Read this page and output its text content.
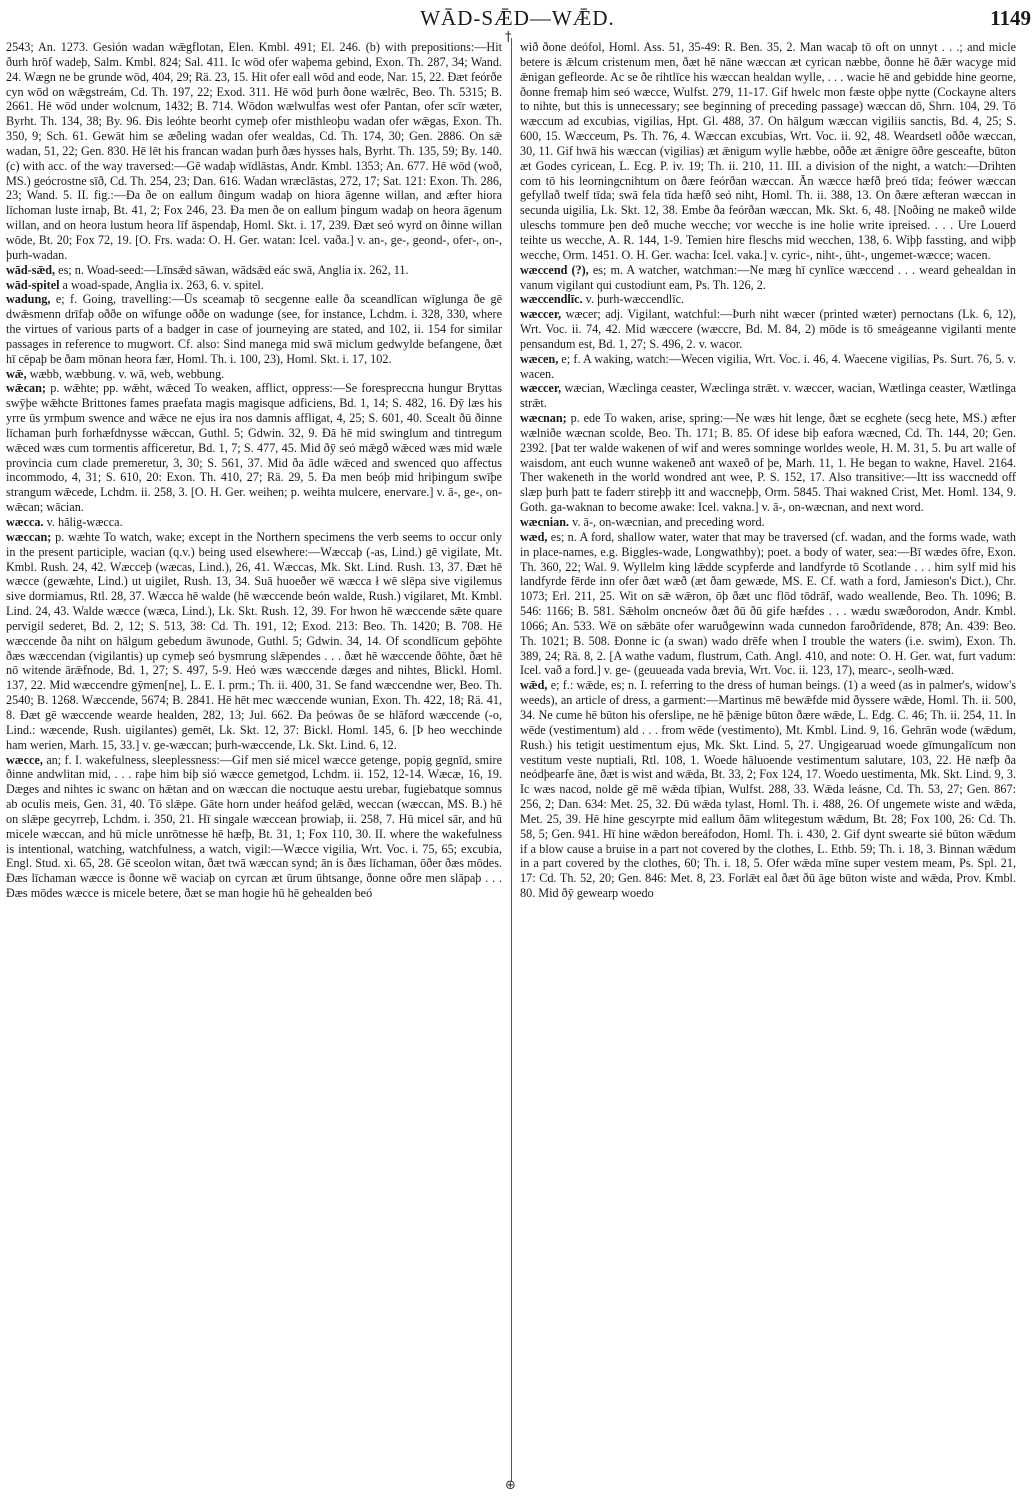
WĀD-SǢD—WǢD.	1149
†
⊕

2543; An. 1273. Gesión wadan wǣgflotan, Elen. Kmbl. 491; El. 246. (b) with prepositions:—Hit ðurh hrōf wadeþ, Salm. Kmbl. 824; Sal. 411. Ic wōd ofer waþema gebind, Exon. Th. 287, 34; Wand. 24. Wægn ne be grunde wōd, 404, 29; Rä. 23, 15. Hit ofer eall wōd and eode, Nar. 15, 22. Ðæt feórðe cyn wōd on wǣgstreám, Cd. Th. 197, 22; Exod. 311. Hē wōd þurh ðone wælrēc, Beo. Th. 5315; B. 2661. Hē wōd under wolcnum, 1432; B. 714. Wōdon wælwulfas west ofer Pantan, ofer scīr wæter, Byrht. Th. 134, 38; By. 96. Ðis leóhte beorht cymeþ ofer misthleoþu wadan ofer wǣgas, Exon. Th. 350, 9; Sch. 61. Gewāt him se æðeling wadan ofer wealdas, Cd. Th. 174, 30; Gen. 2886. On sǣ wadan, 51, 22; Gen. 830. Hē lēt his francan wadan þurh ðæs hysses hals, Byrht. Th. 135, 59; By. 140. (c) with acc. of the way traversed:—Gē wadaþ wīdlāstas, Andr. Kmbl. 1353; An. 677. Hē wōd (woð, MS.) geócrostne sīð, Cd. Th. 254, 23; Dan. 616. Wadan wræclāstas, 272, 17; Sat. 121: Exon. Th. 286, 23; Wand. 5. II. fig.:—Ða ðe on eallum ðingum wadaþ on hiora āgenne willan, and æfter hiora līchoman luste irnaþ, Bt. 41, 2; Fox 246, 23. Ða men ðe on eallum þingum wadaþ on heora āgenum willan, and on heora lustum heora līf āspendaþ, Homl. Skt. i. 17, 239. Ðæt seó wyrd on ðinne willan wōde, Bt. 20; Fox 72, 19. [O. Frs. wada: O. H. Ger. watan: Icel. vaða.] v. an-, ge-, geond-, ofer-, on-, þurh-wadan.

wād-sǣd, es; n. Woad-seed:—Līnsǣd sāwan, wādsǣd eác swā, Anglia ix. 262, 11.

wād-spitel a woad-spade, Anglia ix. 263, 6. v. spitel.

wadung, e; f. Going, travelling:—Ūs sceamaþ tō secgenne ealle ða sceandlīcan wīglunga ðe gē dwǣsmenn drīfaþ oððe on wīfunge oððe on wadunge (see, for instance, Lchdm. i. 328, 330, where the virtues of various parts of a badger in case of journeying are stated, and 102, ii. 154 for similar passages in reference to mugwort. Cf. also: Sind manega mid swā miclum gedwylde befangene, ðæt hī cēpaþ be ðam mōnan heora fær, Homl. Th. i. 100, 23), Homl. Skt. i. 17, 102.

wǣ, wæbb, wæbbung. v. wā, web, webbung.

wǣcan; p. wǣhte; pp. wǣht, wǣced To weaken, afflict, oppress:—Se forespreccna hungur Bryttas swȳþe wǣhcte Brittones fames praefata magis magisque adficiens, Bd. 1, 14; S. 482, 16. Ðȳ læs his yrre ūs yrmþum swence and wǣce ne ejus ira nos damnis affligat, 4, 25; S. 601, 40. Scealt ðū ðinne līchaman þurh forhæfdnysse wǣccan, Guthl. 5; Gdwin. 32, 9. Ðā hē mid swinglum and tintregum wǣced wæs cum tormentis afficeretur, Bd. 1, 7; S. 477, 45. Mid ðȳ seó mǣgð wǣced wæs mid wæle provincia cum clade premeretur, 3, 30; S. 561, 37. Mid ða ādle wǣced and swenced quo affectus incommodo, 4, 31; S. 610, 20: Exon. Th. 410, 27; Rä. 29, 5. Ða men beóþ mid hriþingum swīþe strangum wǣcede, Lchdm. ii. 258, 3. [O. H. Ger. weihen; p. weihta mulcere, enervare.] v. ā-, ge-, on-wǣcan; wācian.

wæcca. v. hālig-wæcca.

wæccan; p. wæhte To watch, wake; except in the Northern specimens the verb seems to occur only in the present participle, wacian (q.v.) being used elsewhere:—Wæccaþ (-as, Lind.) gē vigilate, Mt. Kmbl. Rush. 24, 42. Wæcceþ (wæcas, Lind.), 26, 41. Wæccas, Mk. Skt. Lind. Rush. 13, 37. Ðæt hē wæcce (gewæhte, Lind.) ut uigilet, Rush. 13, 34. Suā huoeðer wē wæcca ł wē slēpa sive vigilemus sive dormiamus, Rtl. 28, 37. Wæcca hē walde (hē wæccende beón walde, Rush.) vigilaret, Mt. Kmbl. Lind. 24, 43. Walde wæcce (wæca, Lind.), Lk. Skt. Rush. 12, 39. For hwon hē wæccende sǣte quare pervigil sederet, Bd. 2, 12; S. 513, 38: Cd. Th. 191, 12; Exod. 213: Beo. Th. 1420; B. 708. Hē wæccende ða niht on hālgum gebedum āwunode, Guthl. 5; Gdwin. 34, 14. Of scondlīcum geþōhte ðæs wæccendan (vigilantis) up cymeþ seó bysmrung slǣpendes . . . ðæt hē wæccende ðōhte, ðæt hē nō witende ārǣfnode, Bd. 1, 27; S. 497, 5-9. Heó wæs wæccende dæges and nihtes, Blickl. Homl. 137, 22. Mid wæccendre gȳmen[ne], L. E. I. prm.; Th. ii. 400, 31. Se fand wæccendne wer, Beo. Th. 2540; B. 1268. Wæccende, 5674; B. 2841. Hē hēt mec wæccende wunian, Exon. Th. 422, 18; Rä. 41, 8. Ðæt gē wæccende wearde healden, 282, 13; Jul. 662. Ða þeówas ðe se hlāford wæccende (-o, Lind.: wæcende, Rush. uigilantes) gemēt, Lk. Skt. 12, 37: Bickl. Homl. 145, 6. [Þ heo wecchinde ham werien, Marh. 15, 33.] v. ge-wæccan; þurh-wæccende, Lk. Skt. Lind. 6, 12.

wæcce, an; f. I. wakefulness, sleeplessness:—Gif men sié micel wæcce getenge, popig gegnīd, smire ðinne andwlitan mid, . . . raþe him biþ sió wæcce gemetgod, Lchdm. ii. 152, 12-14. Wæcæ, 16, 19. Dæges and nihtes ic swanc on hǣtan and on wæccan die noctuque aestu urebar, fugiebatque somnus ab oculis meis, Gen. 31, 40. Tō slǣpe. Gāte horn under heáfod gelǣd, weccan (wæccan, MS. B.) hē on slǣpe gecyrreþ, Lchdm. i. 350, 21. Hī singale wæccean þrowiaþ, ii. 258, 7. Hū micel sār, and hū micele wæccan, and hū micle unrōtnesse hē hæfþ, Bt. 31, 1; Fox 110, 30. II. where the wakefulness is intentional, watching, watchfulness, a watch, vigil:—Wæcce vigilia, Wrt. Voc. i. 75, 65; excubia, Engl. Stud. xi. 65, 28. Gē sceolon witan, ðæt twā wæccan synd; ān is ðæs līchaman, ōðer ðæs mōdes. Ðæs līchaman wæcce is ðonne wē waciaþ on cyrcan æt ūrum ūhtsange, ðonne oðre men slāpaþ . . . Ðæs mōdes wæcce is micele betere, ðæt se man hogie hū hē gehealden beó

wið ðone deófol, Homl. Ass. 51, 35-49: R. Ben. 35, 2. Man wacaþ tō oft on unnyt . . .; and micle betere is ǣlcum cristenum men, ðæt hē nāne wæccan æt cyrican næbbe, ðonne hē ðǣr wacyge mid ǣnigan gefleorde. Ac se ðe rihtlīce his wæccan healdan wylle, . . . wacie hē and gebidde hine georne, ðonne fremaþ him seó wæcce, Wulfst. 279, 11-17. Gif hwelc mon fæste oþþe nytte (Cockayne alters to nihte, but this is unnecessary; see beginning of preceding passage) wæccan dō, Shrn. 104, 29. Tō wæccum ad excubias, vigilias, Hpt. Gl. 488, 37. On hālgum wæccan vigiliis sanctis, Bd. 4, 25; S. 600, 15. Wæcceum, Ps. Th. 76, 4. Wæccan excubias, Wrt. Voc. ii. 92, 48. Weardsetl oððe wæccan, 30, 11. Gif hwā his wæccan (vigilias) æt ǣnigum wylle hæbbe, oððe æt ǣnigre ōðre gesceafte, būton æt Godes cyricean, L. Ecg. P. iv. 19; Th. ii. 210, 11. III. a division of the night, a watch:—Drihten com tō his leorningcnihtum on ðære feórðan wæccan. Ān wæcce hæfð þreó tīda; feówer wæccan gefyllað twelf tīda; swā fela tīda hæfð seó niht, Homl. Th. ii. 388, 13. On ðære æfteran wæccan in secunda uigilia, Lk. Skt. 12, 38. Embe ða feórðan wæccan, Mk. Skt. 6, 48. [Noðing ne makeð wilde uleschs tommure þen deð muche wecche; vor wecche is ine holie write ipreised. . . . Ure Louerd teihte us wecche, A. R. 144, 1-9. Temien hire fleschs mid wecchen, 138, 6. Wiþþ fassting, and wiþþ wecche, Orm. 1451. O. H. Ger. wacha: Icel. vaka.] v. cyric-, niht-, ūht-, ungemet-wæcce; wacen.

wæccend (?), es; m. A watcher, watchman:—Ne mæg hī cynlīce wæccend . . . weard gehealdan in vanum vigilant qui custodiunt eam, Ps. Th. 126, 2.

wæccendlīc. v. þurh-wæccendlīc.

wæccer, wæcer; adj. Vigilant, watchful:—Þurh niht wæcer (printed wæter) pernoctans (Lk. 6, 12), Wrt. Voc. ii. 74, 42. Mid wæccere (wæccre, Bd. M. 84, 2) mōde is tō smeágeanne vigilanti mente pensandum est, Bd. 1, 27; S. 496, 2. v. wacor.

wæcen, e; f. A waking, watch:—Wecen vigilia, Wrt. Voc. i. 46, 4. Waecene vigilias, Ps. Surt. 76, 5. v. wacen.

wæccer, wæcian, Wæclinga ceaster, Wæclinga strǣt. v. wæccer, wacian, Wætlinga ceaster, Wætlinga strǣt.

wæcnan; p. ede To waken, arise, spring:—Ne wæs hit lenge, ðæt se ecghete (secg hete, MS.) æfter wælniðe wæcnan scolde, Beo. Th. 171; B. 85. Of idese biþ eafora wæcned, Cd. Th. 144, 20; Gen. 2392. [Þat ter walde wakenen of wif and weres somninge worldes weole, H. M. 31, 5. Þu art walle of waisdom, ant euch wunne wakeneð ant waxeð of þe, Marh. 11, 1. He began to wakne, Havel. 2164. Ther wakeneth in the world wondred ant wee, P. S. 152, 17. Also transitive:—Itt iss waccnedd off slæp þurh þatt te faderr stireþþ itt and waccneþþ, Orm. 5845. Thai wakned Crist, Met. Homl. 134, 9. Goth. ga-waknan to become awake: Icel. vakna.] v. ā-, on-wæcnan, and next word.

wæcnian. v. ā-, on-wæcnian, and preceding word.

wæd, es; n. A ford, shallow water, water that may be traversed (cf. wadan, and the forms wade, wath in place-names, e.g. Biggles-wade, Longwathby); poet. a body of water, sea:—Bī wædes ōfre, Exon. Th. 360, 22; Wal. 9. Wyllelm king lǣdde scypferde and landfyrde tō Scotlande . . . him sylf mid his landfyrde fērde inn ofer ðæt wæð (æt ðam gewæde, MS. E. Cf. wath a ford, Jamieson's Dict.), Chr. 1073; Erl. 211, 25. Wit on sǣ wǣron, ōþ ðæt unc flōd tōdrāf, wado weallende, Beo. Th. 1096; B. 546: 1166; B. 581. Sǣholm oncneów ðæt ðū ðū gife hæfdes . . . wædu swæðorodon, Andr. Kmbl. 1066; An. 533. Wē on sǣbāte ofer waruðgewinn wada cunnedon faroðrīdende, 878; An. 439: Beo. Th. 1021; B. 508. Ðonne ic (a swan) wado drēfe when I trouble the waters (i.e. swim), Exon. Th. 389, 24; Rä. 8, 2. [A wathe vadum, flustrum, Cath. Angl. 410, and note: O. H. Ger. wat, furt vadum: Icel. vað a ford.] v. ge- (geuueada vada brevia, Wrt. Voc. ii. 123, 17), mearc-, seolh-wæd.

wǣd, e; f.: wǣde, es; n. I. referring to the dress of human beings. (1) a weed (as in palmer's, widow's weeds), an article of dress, a garment:—Martinus mē bewǣfde mid ðyssere wǣde, Homl. Th. ii. 500, 34. Ne cume hē būton his oferslipe, ne hē þǣnige būton ðære wǣde, L. Edg. C. 46; Th. ii. 254, 11. In wēde (vestimentum) ald . . . from wēde (vestimento), Mt. Kmbl. Lind. 9, 16. Gehrān wode (wǣdum, Rush.) his tetigit uestimentum ejus, Mk. Skt. Lind. 5, 27. Ungigearuad woede gīmungalīcum non vestitum veste nuptiali, Rtl. 108, 1. Woede hāluoende vestimentum salutare, 103, 22. Hē næfþ ða neódþearfe āne, ðæt is wist and wǣda, Bt. 33, 2; Fox 124, 17. Woedo uestimenta, Mk. Skt. Lind. 9, 3. Ic wæs nacod, nolde gē mē wǣda tīþian, Wulfst. 288, 33. Wǣda leásne, Cd. Th. 53, 27; Gen. 867: 256, 2; Dan. 634: Met. 25, 32. Ðū wǣda tylast, Homl. Th. i. 488, 26. Of ungemete wiste and wǣda, Met. 25, 39. Hē hine gescyrpte mid eallum ðām wlitegestum wǣdum, Bt. 28; Fox 100, 26: Cd. Th. 58, 5; Gen. 941. Hī hine wǣdon bereáfodon, Homl. Th. i. 430, 2. Gif dynt swearte sié būton wǣdum if a blow cause a bruise in a part not covered by the clothes, L. Ethb. 59; Th. i. 18, 3. Binnan wǣdum in a part covered by the clothes, 60; Th. i. 18, 5. Ofer wǣda mīne super vestem meam, Ps. Spl. 21, 17: Cd. Th. 52, 20; Gen. 846: Met. 8, 23. Forlǣt eal ðæt ðū āge būton wiste and wǣda, Prov. Kmbl. 80. Mid ðȳ gewearp woedo
